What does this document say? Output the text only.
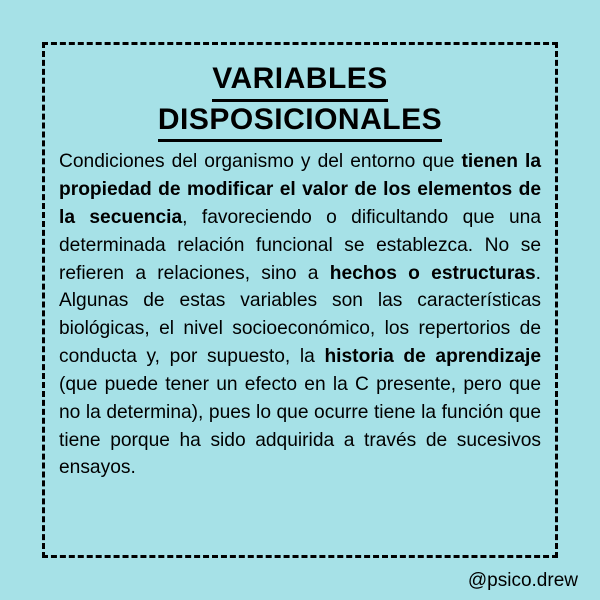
VARIABLES
DISPOSICIONALES
Condiciones del organismo y del entorno que tienen la propiedad de modificar el valor de los elementos de la secuencia, favoreciendo o dificultando que una determinada relación funcional se establezca. No se refieren a relaciones, sino a hechos o estructuras. Algunas de estas variables son las características biológicas, el nivel socioeconómico, los repertorios de conducta y, por supuesto, la historia de aprendizaje (que puede tener un efecto en la C presente, pero que no la determina), pues lo que ocurre tiene la función que tiene porque ha sido adquirida a través de sucesivos ensayos.
@psico.drew
